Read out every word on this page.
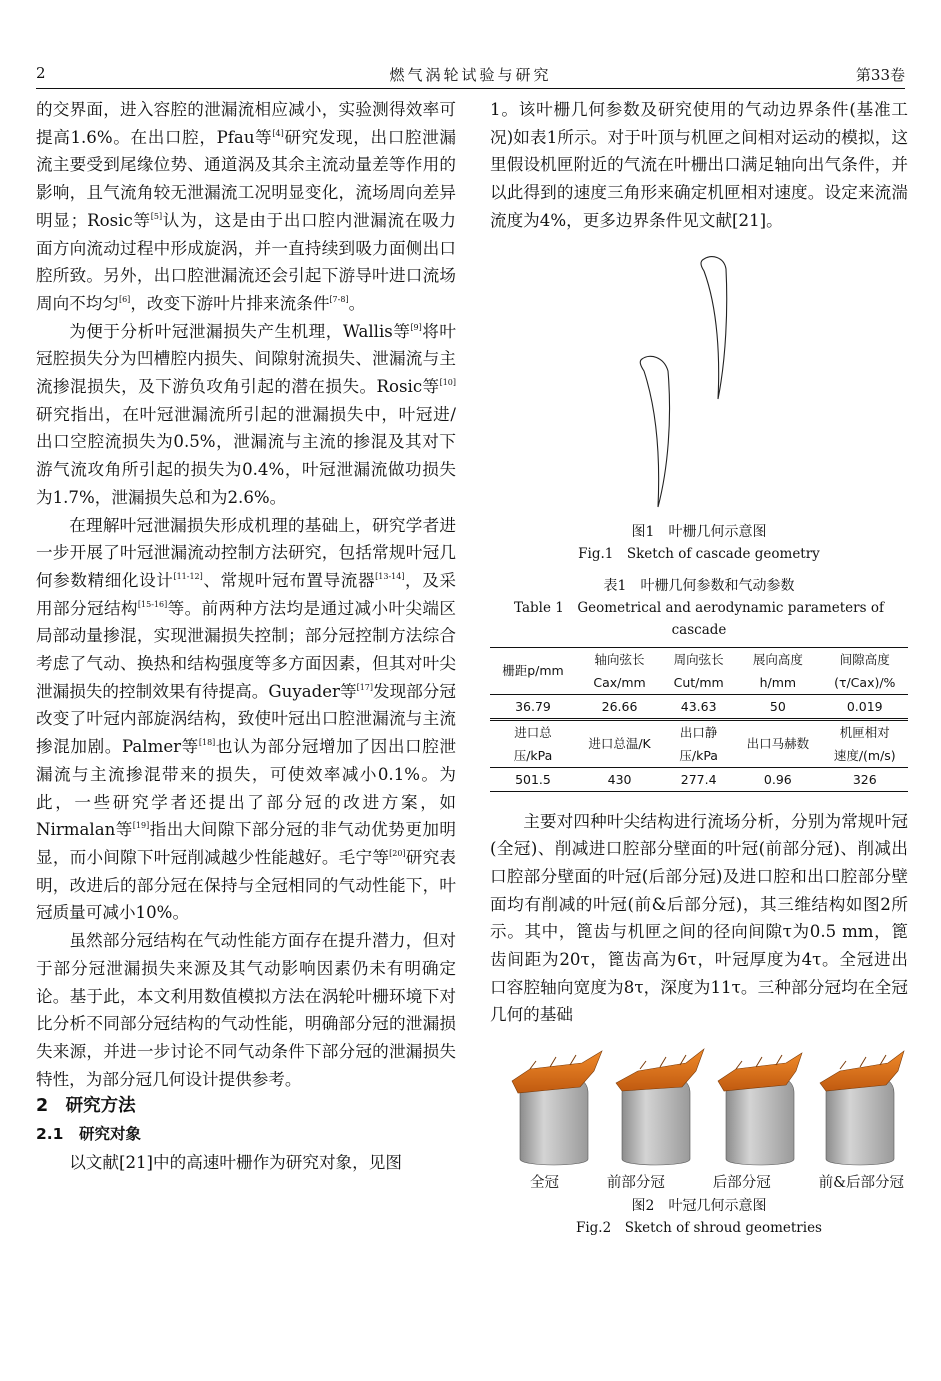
2	燃气涡轮试验与研究	第33卷

的交界面，进入容腔的泄漏流相应减小，实验测得效率可提高1.6%。在出口腔，Pfau等[4]研究发现，出口腔泄漏流主要受到尾缘位势、通道涡及其余主流动量差等作用的影响，且气流角较无泄漏流工况明显变化，流场周向差异明显；Rosic等[5]认为，这是由于出口腔内泄漏流在吸力面方向流动过程中形成旋涡，并一直持续到吸力面侧出口腔所致。另外，出口腔泄漏流还会引起下游导叶进口流场周向不均匀[6]，改变下游叶片排来流条件[7-8]。

为便于分析叶冠泄漏损失产生机理，Wallis等[9]将叶冠腔损失分为凹槽腔内损失、间隙射流损失、泄漏流与主流掺混损失，及下游负攻角引起的潜在损失。Rosic等[10]研究指出，在叶冠泄漏流所引起的泄漏损失中，叶冠进/出口空腔流损失为0.5%，泄漏流与主流的掺混及其对下游气流攻角所引起的损失为0.4%，叶冠泄漏流做功损失为1.7%，泄漏损失总和为2.6%。

在理解叶冠泄漏损失形成机理的基础上，研究学者进一步开展了叶冠泄漏流动控制方法研究，包括常规叶冠几何参数精细化设计[11-12]、常规叶冠布置导流器[13-14]，及采用部分冠结构[15-16]等。前两种方法均是通过减小叶尖端区局部动量掺混，实现泄漏损失控制；部分冠控制方法综合考虑了气动、换热和结构强度等多方面因素，但其对叶尖泄漏损失的控制效果有待提高。Guyader等[17]发现部分冠改变了叶冠内部旋涡结构，致使叶冠出口腔泄漏流与主流掺混加剧。Palmer等[18]也认为部分冠增加了因出口腔泄漏流与主流掺混带来的损失，可使效率减小0.1%。为此，一些研究学者还提出了部分冠的改进方案，如Nirmalan等[19]指出大间隙下部分冠的非气动优势更加明显，而小间隙下叶冠削减越少性能越好。毛宁等[20]研究表明，改进后的部分冠在保持与全冠相同的气动性能下，叶冠质量可减小10%。

虽然部分冠结构在气动性能方面存在提升潜力，但对于部分冠泄漏损失来源及其气动影响因素仍未有明确定论。基于此，本文利用数值模拟方法在涡轮叶栅环境下对比分析不同部分冠结构的气动性能，明确部分冠的泄漏损失来源，并进一步讨论不同气动条件下部分冠的泄漏损失特性，为部分冠几何设计提供参考。

2　研究方法

2.1　研究对象

以文献[21]中的高速叶栅作为研究对象，见图

1。该叶栅几何参数及研究使用的气动边界条件(基准工况)如表1所示。对于叶顶与机匣之间相对运动的模拟，这里假设机匣附近的气流在叶栅出口满足轴向出气条件，并以此得到的速度三角形来确定机匣相对速度。设定来流湍流度为4%，更多边界条件见文献[21]。

图1　叶栅几何示意图
Fig.1　Sketch of cascade geometry
表1　叶栅几何参数和气动参数
Table 1　Geometrical and aerodynamic parameters of cascade
栅距p/mm	轴向弦长	周向弦长	展向高度	间隙高度
	Cax/mm	Cut/mm	h/mm	(τ/Cax)/%
36.79	26.66	43.63	50	0.019
进口总	进口总温/K	出口静	出口马赫数	机匣相对
压/kPa		压/kPa		速度/(m/s)
501.5	430	277.4	0.96	326

主要对四种叶尖结构进行流场分析，分别为常规叶冠(全冠)、削减进口腔部分壁面的叶冠(前部分冠)、削减出口腔部分壁面的叶冠(后部分冠)及进口腔和出口腔部分壁面均有削减的叶冠(前&后部分冠)，其三维结构如图2所示。其中，篦齿与机匣之间的径向间隙τ为0.5 mm，篦齿间距为20τ，篦齿高为6τ，叶冠厚度为4τ。全冠进出口容腔轴向宽度为8τ，深度为11τ。三种部分冠均在全冠几何的基础

全冠	前部分冠	后部分冠	前&后部分冠
图2　叶冠几何示意图
Fig.2　Sketch of shroud geometries
